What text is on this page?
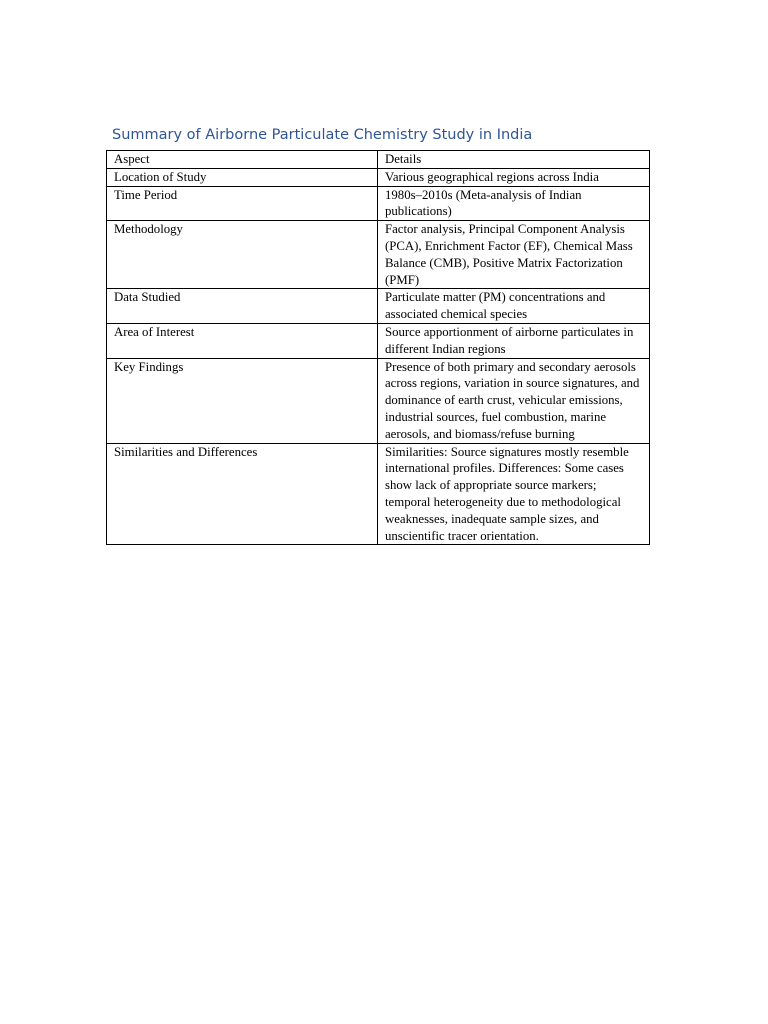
Summary of Airborne Particulate Chemistry Study in India
Aspect	Details
Location of Study	Various geographical regions across India
Time Period	1980s–2010s (Meta-analysis of Indian publications)
Methodology	Factor analysis, Principal Component Analysis (PCA), Enrichment Factor (EF), Chemical Mass Balance (CMB), Positive Matrix Factorization (PMF)
Data Studied	Particulate matter (PM) concentrations and associated chemical species
Area of Interest	Source apportionment of airborne particulates in different Indian regions
Key Findings	Presence of both primary and secondary aerosols across regions, variation in source signatures, and dominance of earth crust, vehicular emissions, industrial sources, fuel combustion, marine aerosols, and biomass/refuse burning
Similarities and Differences	Similarities: Source signatures mostly resemble international profiles. Differences: Some cases show lack of appropriate source markers; temporal heterogeneity due to methodological weaknesses, inadequate sample sizes, and unscientific tracer orientation.
